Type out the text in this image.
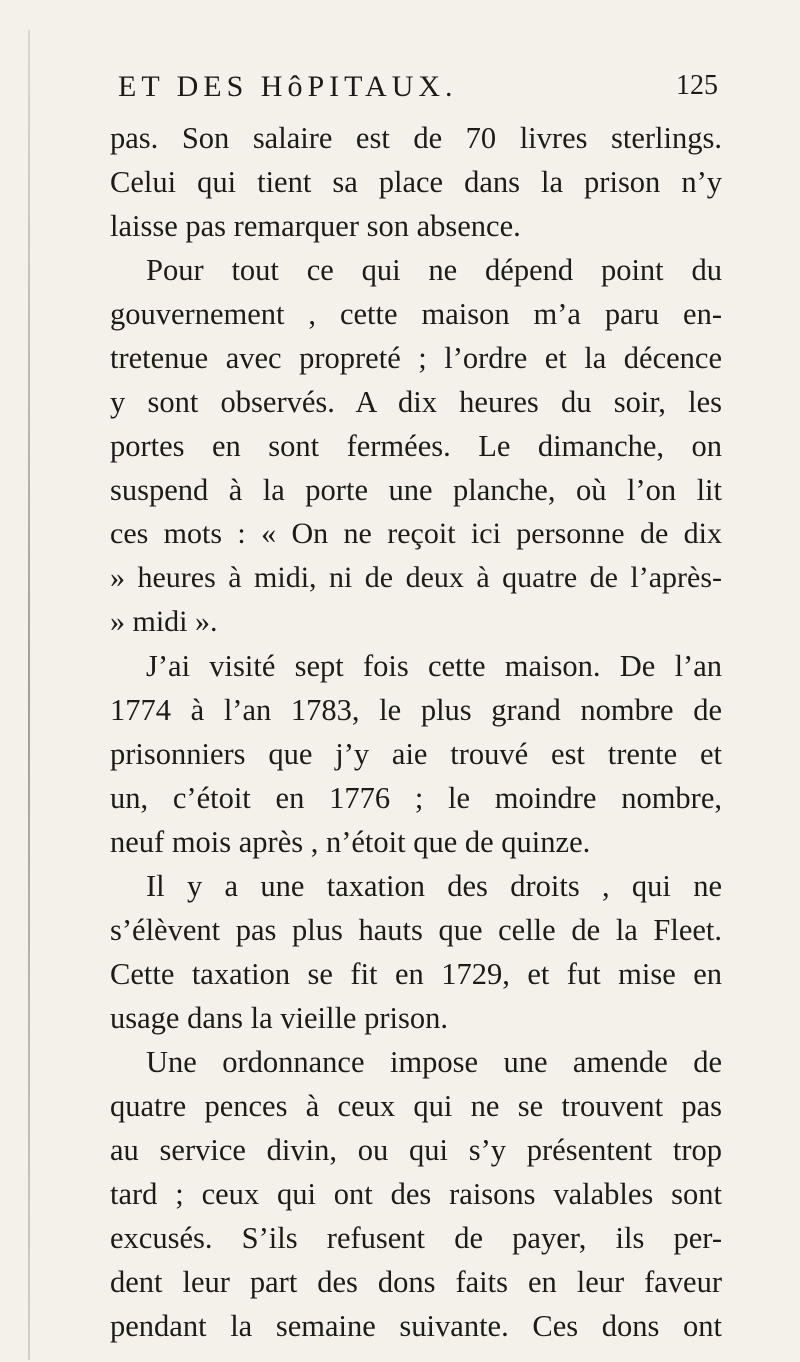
ET DES HôPITAUX.	125
pas. Son salaire est de 70 livres sterlings.
Celui qui tient sa place dans la prison n’y
laisse pas remarquer son absence.
Pour tout ce qui ne dépend point du
gouvernement , cette maison m’a paru en-
tretenue avec propreté ; l’ordre et la décence
y sont observés. A dix heures du soir, les
portes en sont fermées. Le dimanche, on
suspend à la porte une planche, où l’on lit
ces mots : « On ne reçoit ici personne de dix
» heures à midi, ni de deux à quatre de l’après-
» midi ».
J’ai visité sept fois cette maison. De l’an
1774 à l’an 1783, le plus grand nombre de
prisonniers que j’y aie trouvé est trente et
un, c’étoit en 1776 ; le moindre nombre,
neuf mois après , n’étoit que de quinze.
Il y a une taxation des droits , qui ne
s’élèvent pas plus hauts que celle de la Fleet.
Cette taxation se fit en 1729, et fut mise en
usage dans la vieille prison.
Une ordonnance impose une amende de
quatre pences à ceux qui ne se trouvent pas
au service divin, ou qui s’y présentent trop
tard ; ceux qui ont des raisons valables sont
excusés. S’ils refusent de payer, ils per-
dent leur part des dons faits en leur faveur
pendant la semaine suivante. Ces dons ont
